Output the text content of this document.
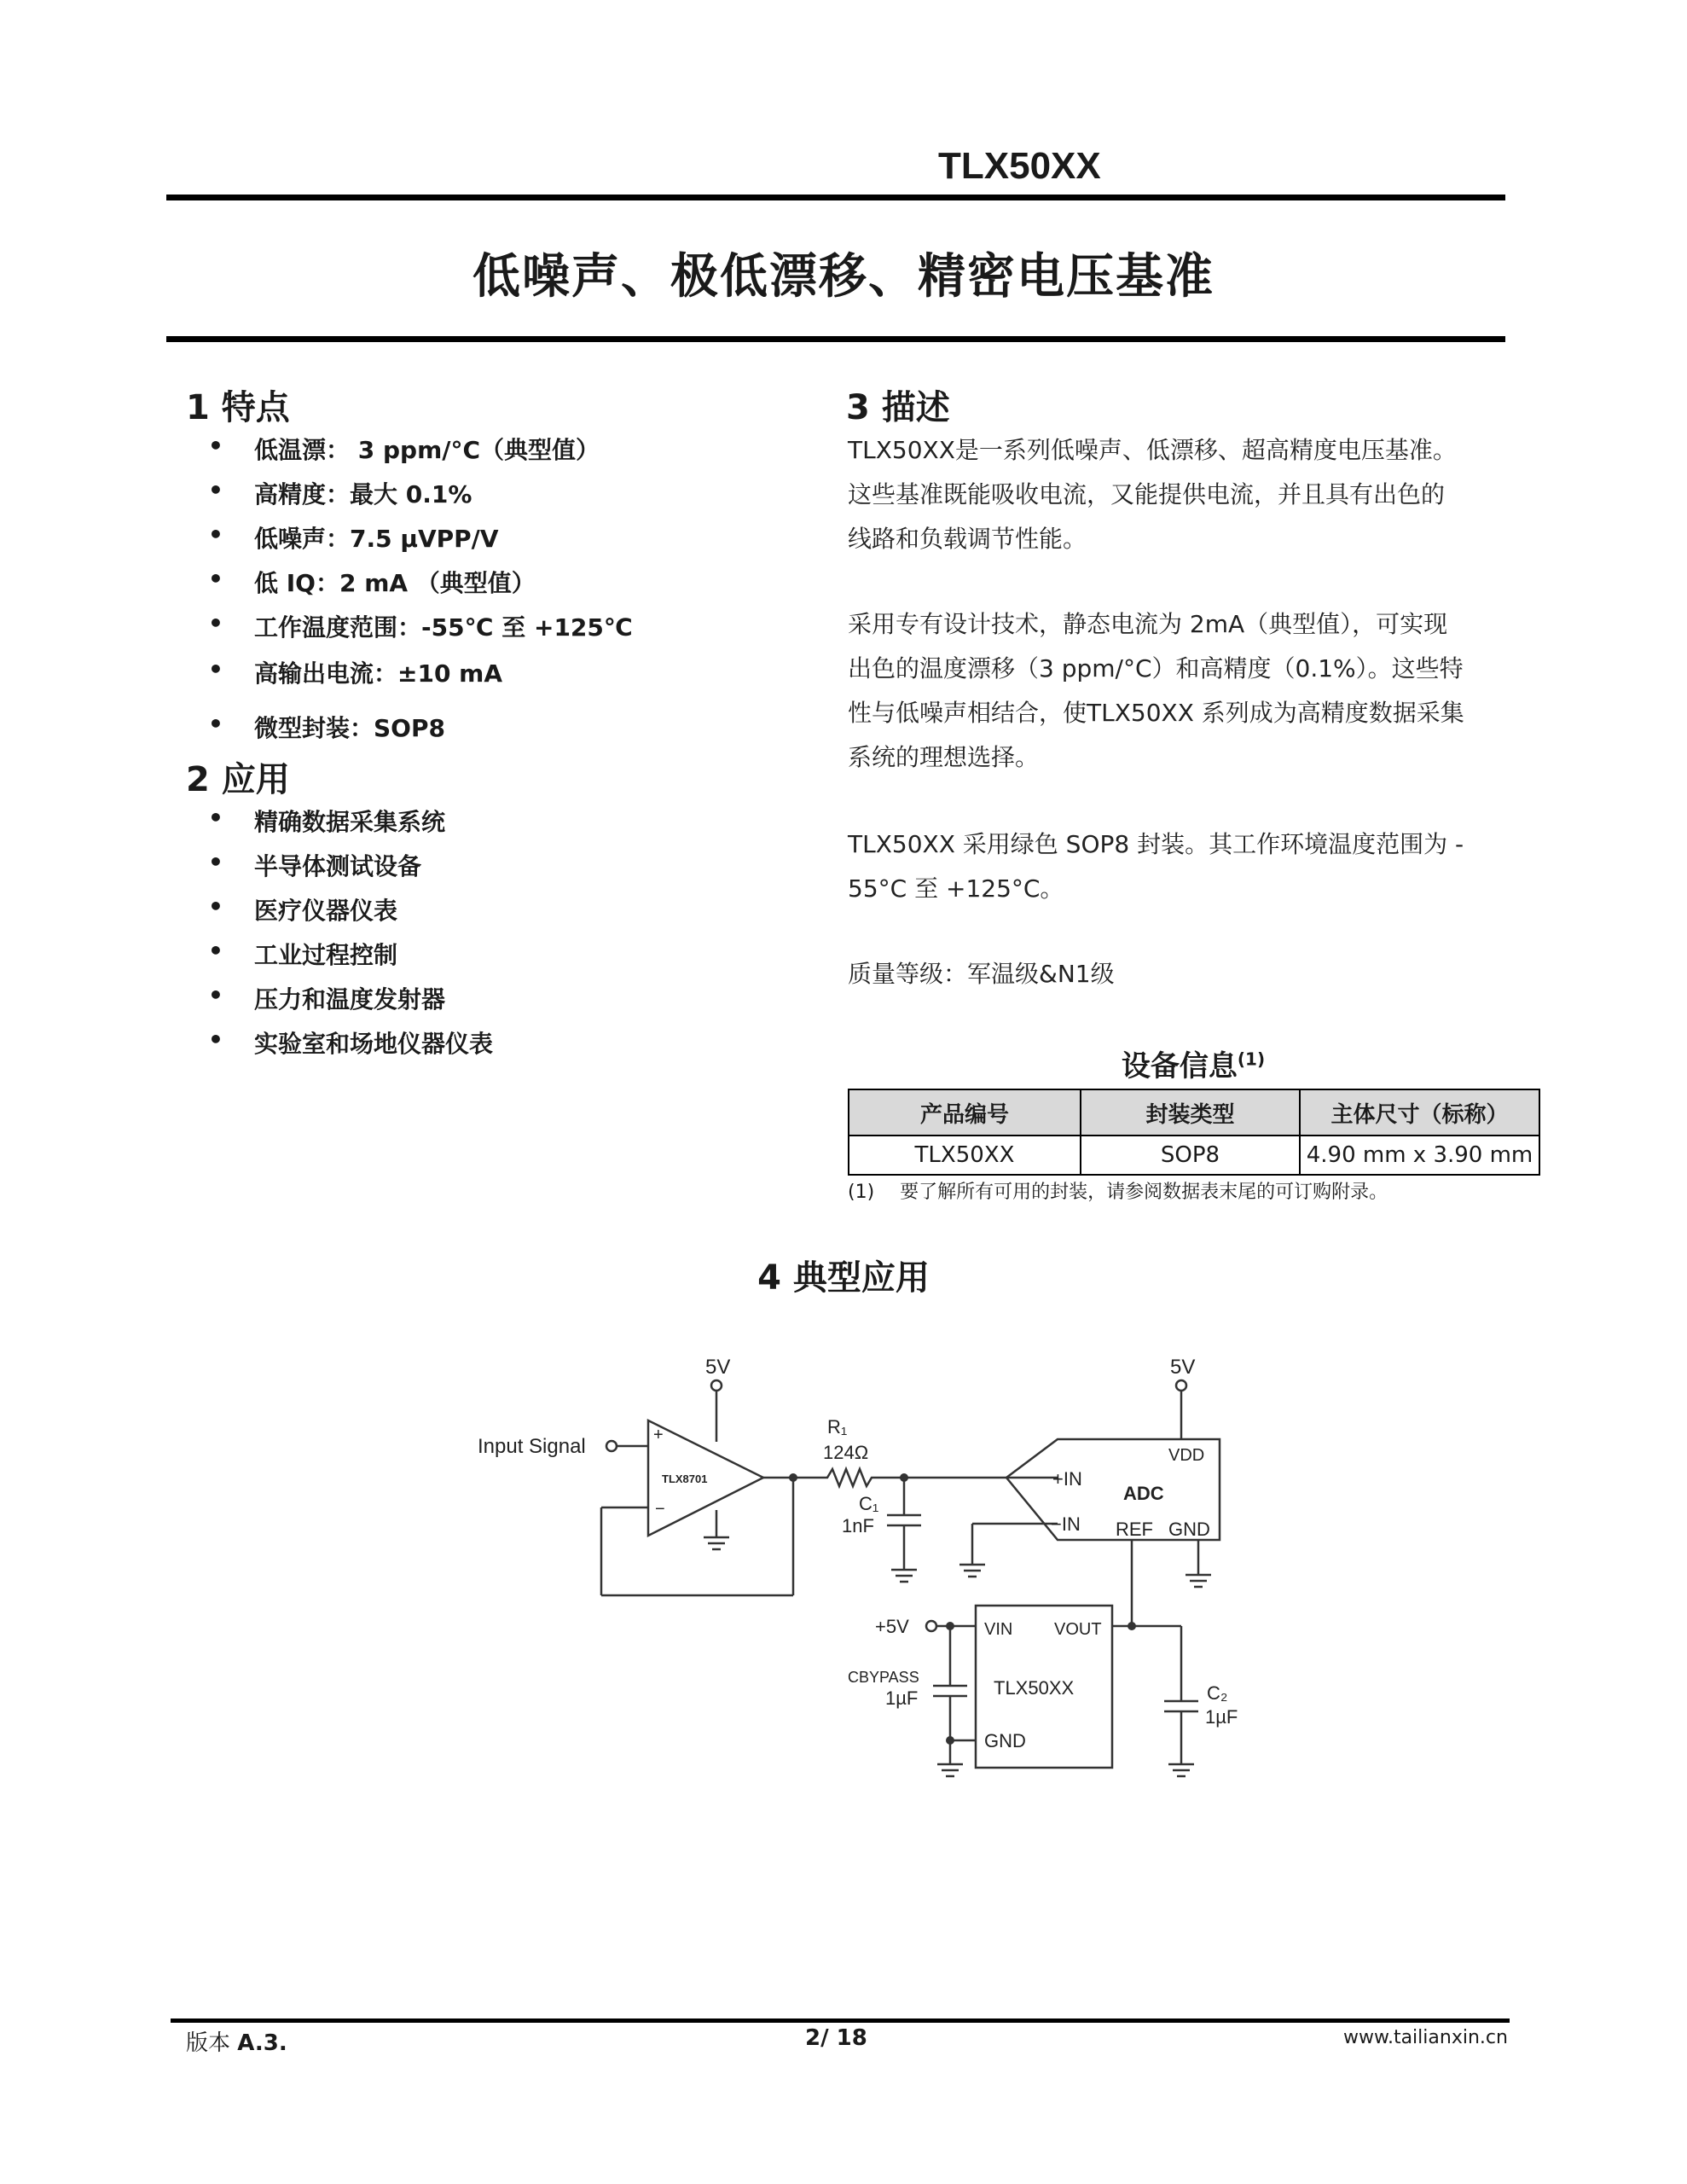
TLX50XX
低噪声、极低漂移、精密电压基准
1 特点
• 低温漂： 3 ppm/°C（典型值）
• 高精度：最大 0.1%
• 低噪声：7.5 µVPP/V
• 低 IQ：2 mA （典型值）
• 工作温度范围：-55℃ 至 +125℃
• 高输出电流：±10 mA
• 微型封装：SOP8
2 应用
• 精确数据采集系统
• 半导体测试设备
• 医疗仪器仪表
• 工业过程控制
• 压力和温度发射器
• 实验室和场地仪器仪表
3 描述
TLX50XX是一系列低噪声、低漂移、超高精度电压基准。
这些基准既能吸收电流，又能提供电流，并且具有出色的
线路和负载调节性能。
采用专有设计技术，静态电流为 2mA（典型值），可实现
出色的温度漂移（3 ppm/°C）和高精度（0.1%）。这些特
性与低噪声相结合，使TLX50XX 系列成为高精度数据采集
系统的理想选择。
TLX50XX 采用绿色 SOP8 封装。其工作环境温度范围为 -
55°C 至 +125°C。
质量等级：军温级&N1级
设备信息$^{(1)}$
产品编号	封装类型	主体尺寸（标称）
TLX50XX	SOP8	4.90 mm x 3.90 mm
(1) 要了解所有可用的封装，请参阅数据表末尾的可订购附录。
4 典型应用
5V	5V
Input Signal	+
−
TLX8701
R₁
124Ω
C₁
1nF
+IN
−IN
VDD
ADC
REF GND
+5V	VIN VOUT
TLX50XX
GND
CBYPASS
1µF	C₂
1µF
版本 A.3.	2/ 18	www.tailianxin.cn
